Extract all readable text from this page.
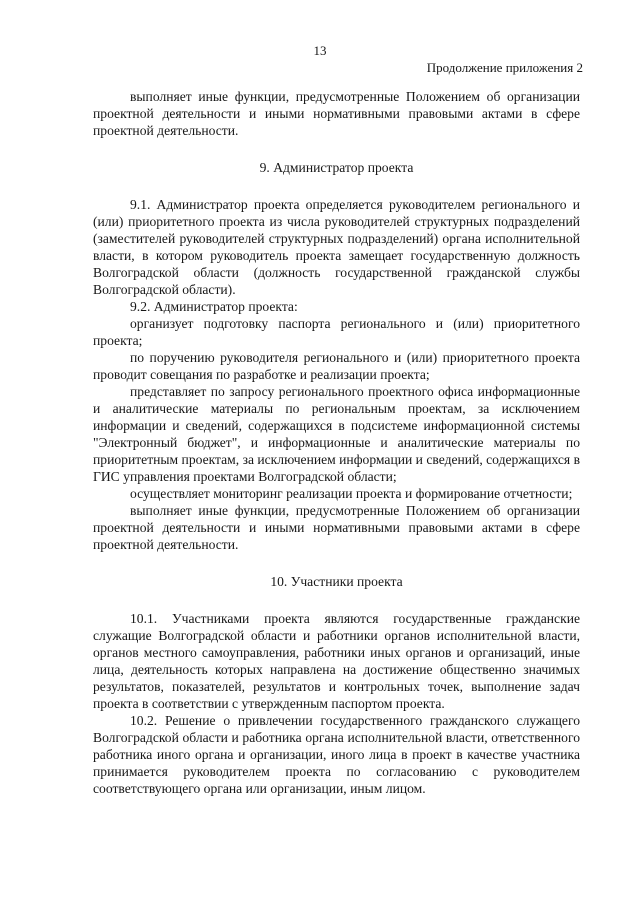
13
Продолжение приложения 2

выполняет иные функции, предусмотренные Положением об организации проектной деятельности и иными нормативными правовыми актами в сфере проектной деятельности.

9. Администратор проекта

9.1. Администратор проекта определяется руководителем регионального и (или) приоритетного проекта из числа руководителей структурных подразделений (заместителей руководителей структурных подразделений) органа исполнительной власти, в котором руководитель проекта замещает государственную должность Волгоградской области (должность государственной гражданской службы Волгоградской области).

9.2. Администратор проекта:

организует подготовку паспорта регионального и (или) приоритетного проекта;

по поручению руководителя регионального и (или) приоритетного проекта проводит совещания по разработке и реализации проекта;

представляет по запросу регионального проектного офиса информационные и аналитические материалы по региональным проектам, за исключением информации и сведений, содержащихся в подсистеме информационной системы "Электронный бюджет", и информационные и аналитические материалы по приоритетным проектам, за исключением информации и сведений, содержащихся в ГИС управления проектами Волгоградской области;

осуществляет мониторинг реализации проекта и формирование отчетности;

выполняет иные функции, предусмотренные Положением об организации проектной деятельности и иными нормативными правовыми актами в сфере проектной деятельности.

10. Участники проекта

10.1. Участниками проекта являются государственные гражданские служащие Волгоградской области и работники органов исполнительной власти, органов местного самоуправления, работники иных органов и организаций, иные лица, деятельность которых направлена на достижение общественно значимых результатов, показателей, результатов и контрольных точек, выполнение задач проекта в соответствии с утвержденным паспортом проекта.

10.2. Решение о привлечении государственного гражданского служащего Волгоградской области и работника органа исполнительной власти, ответственного работника иного органа и организации, иного лица в проект в качестве участника принимается руководителем проекта по согласованию с руководителем соответствующего органа или организации, иным лицом.
